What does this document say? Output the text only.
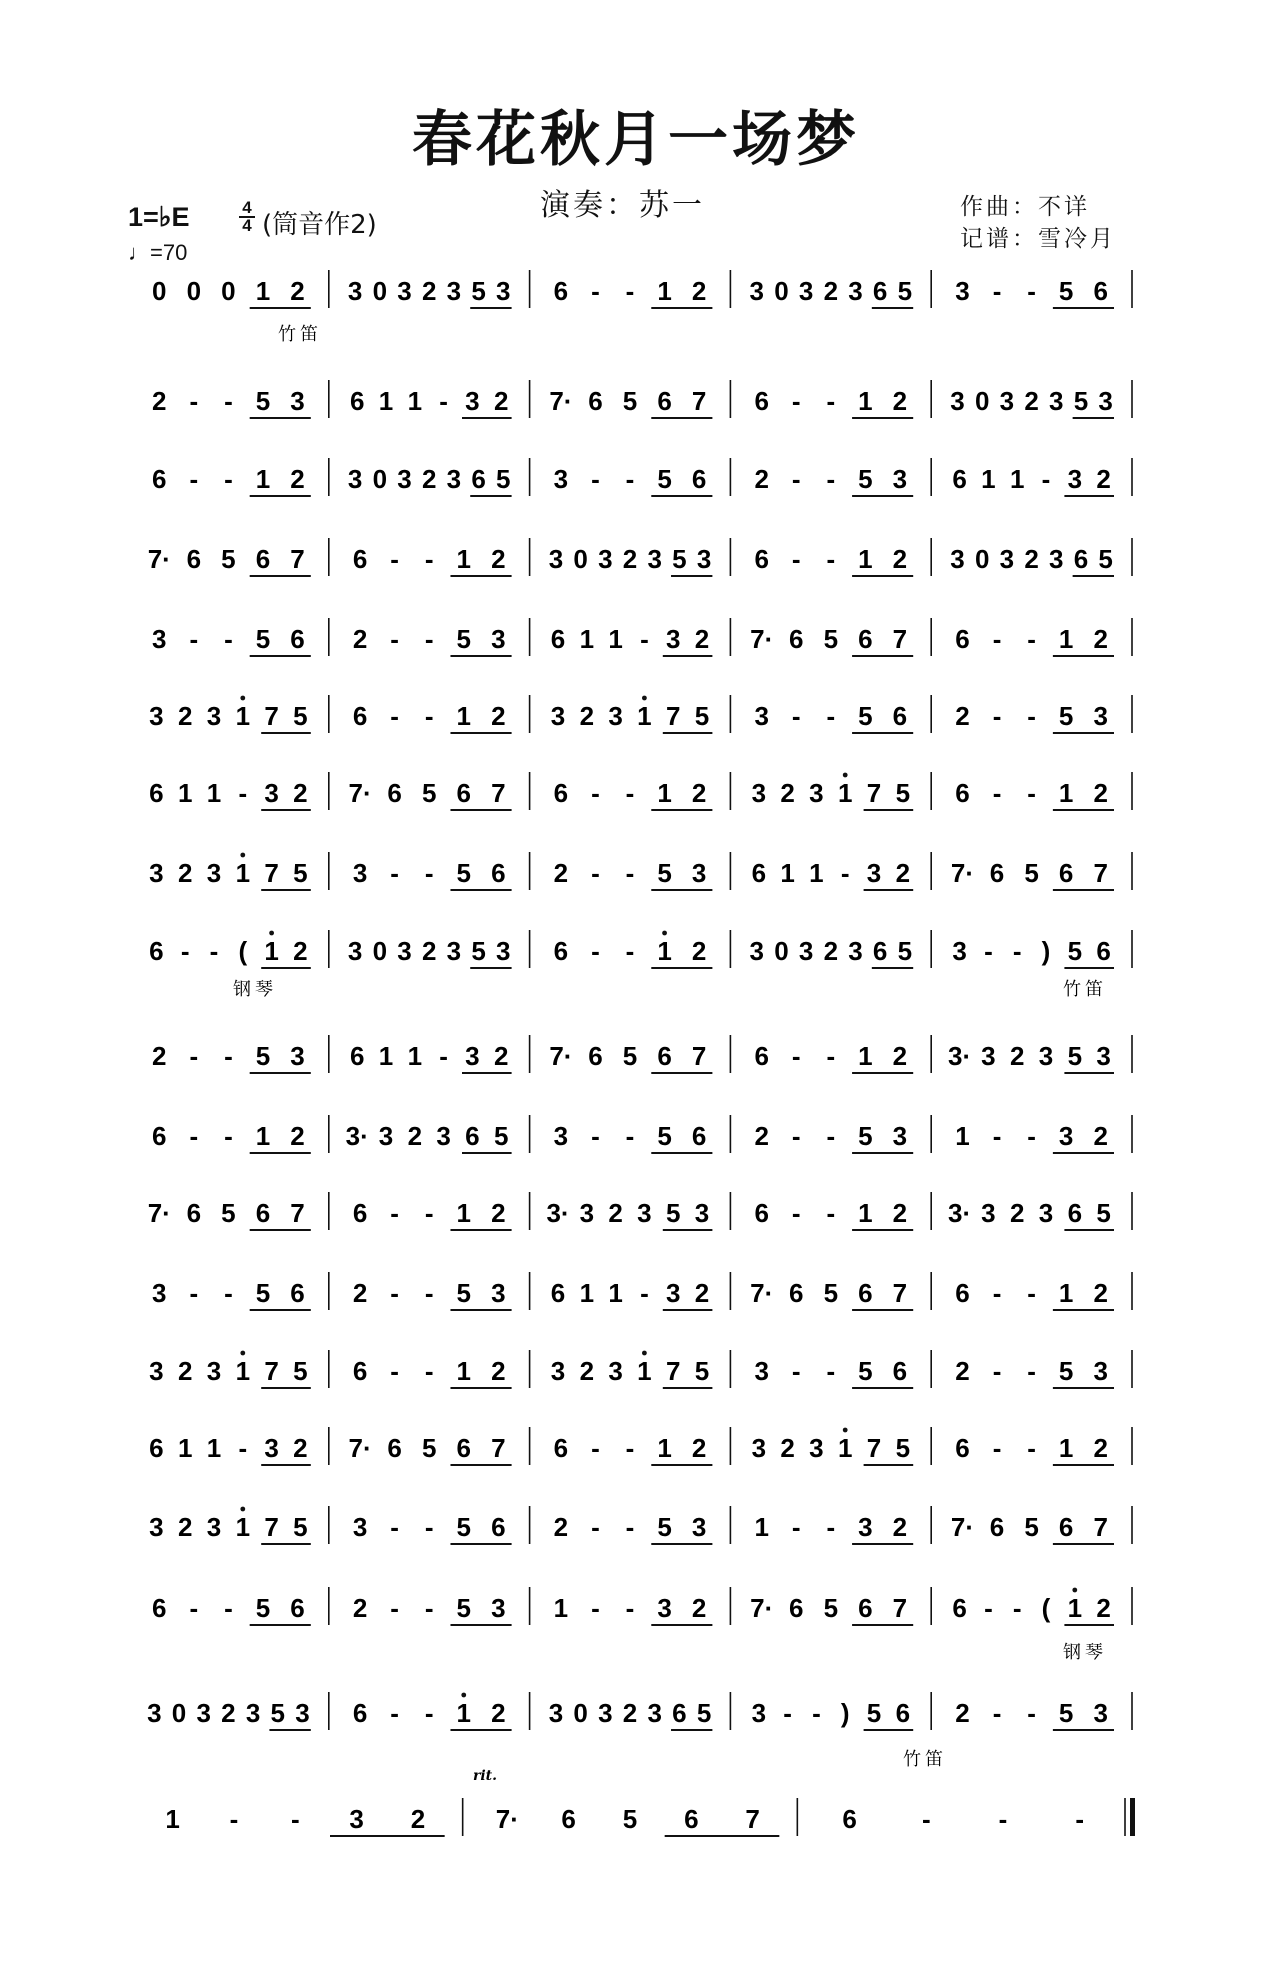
春花秋月一场梦
演奏：苏一	作曲：不详
记谱：雪冷月
1=♭E	4
4 (筒音作2)
♩=70
0 0 0 1 2 3 0 3 2 3 5 3 6 - - 1 2 3 0 3 2 3 6 5 3 - - 5 6
2 - - 5 3 6 1 1 - 3 2 7· 6 5 6 7 6 - - 1 2 3 0 3 2 3 5 3
6 - - 1 2 3 0 3 2 3 6 5 3 - - 5 6 2 - - 5 3 6 1 1 - 3 2
7· 6 5 6 7 6 - - 1 2 3 0 3 2 3 5 3 6 - - 1 2 3 0 3 2 3 6 5
3 - - 5 6 2 - - 5 3 6 1 1 - 3 2 7· 6 5 6 7 6 - - 1 2
3 2 3 1 7 5 6 - - 1 2 3 2 3 1 7 5 3 - - 5 6 2 - - 5 3
6 1 1 - 3 2 7· 6 5 6 7 6 - - 1 2 3 2 3 1 7 5 6 - - 1 2
3 2 3 1 7 5 3 - - 5 6 2 - - 5 3 6 1 1 - 3 2 7· 6 5 6 7
6 - - ( 1 2 3 0 3 2 3 5 3 6 - - 1 2 3 0 3 2 3 6 5 3 - - ) 5 6
2 - - 5 3 6 1 1 - 3 2 7· 6 5 6 7 6 - - 1 2 3· 3 2 3 5 3
6 - - 1 2 3· 3 2 3 6 5 3 - - 5 6 2 - - 5 3 1 - - 3 2
7· 6 5 6 7 6 - - 1 2 3· 3 2 3 5 3 6 - - 1 2 3· 3 2 3 6 5
3 - - 5 6 2 - - 5 3 6 1 1 - 3 2 7· 6 5 6 7 6 - - 1 2
3 2 3 1 7 5 6 - - 1 2 3 2 3 1 7 5 3 - - 5 6 2 - - 5 3
6 1 1 - 3 2 7· 6 5 6 7 6 - - 1 2 3 2 3 1 7 5 6 - - 1 2
3 2 3 1 7 5 3 - - 5 6 2 - - 5 3 1 - - 3 2 7· 6 5 6 7
6 - - 5 6 2 - - 5 3 1 - - 3 2 7· 6 5 6 7 6 - - ( 1 2
3 0 3 2 3 5 3 6 - - 1 2 3 0 3 2 3 6 5 3 - - ) 5 6 2 - - 5 3
1 - - 3 2	7· 6 5 6 7	6	-	-	-
rit.
竹笛
钢琴	竹笛
钢琴
竹笛
